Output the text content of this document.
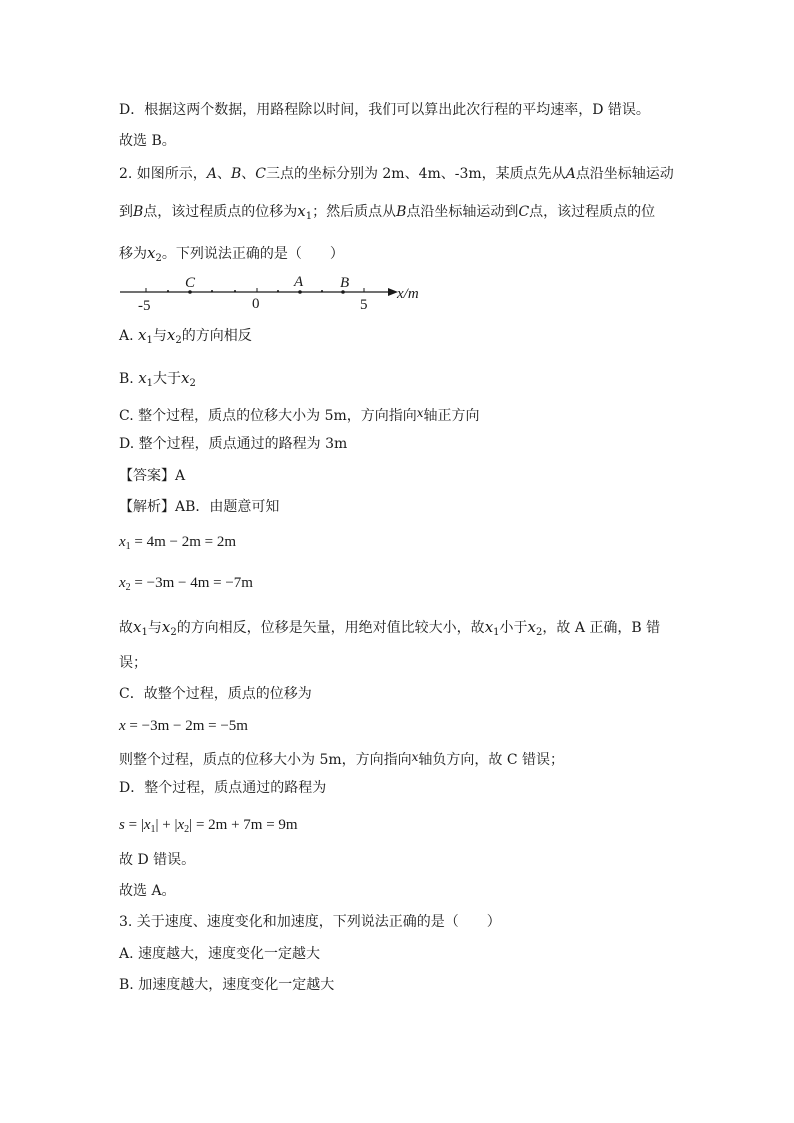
D．根据这两个数据，用路程除以时间，我们可以算出此次行程的平均速率，D 错误。
故选 B。
2. 如图所示，A、B、C三点的坐标分别为 2m、4m、-3m，某质点先从A点沿坐标轴运动
到B点，该过程质点的位移为$x_1$；然后质点从B点沿坐标轴运动到C点，该过程质点的位
移为$x_2$。下列说法正确的是（　　）
C	A B
-5	0	5
x/m
A. $x_1$与$x_2$的方向相反
B. $x_1$大于$x_2$
C. 整个过程，质点的位移大小为 5m，方向指向x轴正方向
D. 整个过程，质点通过的路程为 3m
【答案】A
【解析】AB．由题意可知
$x_1 = 4m - 2m = 2m$
$x_2 = -3m - 4m = -7m$
故$x_1$与$x_2$的方向相反，位移是矢量，用绝对值比较大小，故$x_1$小于$x_2$，故 A 正确，B 错
误；
C．故整个过程，质点的位移为
x = −3m − 2m = −5m
则整个过程，质点的位移大小为 5m，方向指向x轴负方向，故 C 错误；
D．整个过程，质点通过的路程为
$s = |x_1| + |x_2| = 2m + 7m = 9m$
故 D 错误。
故选 A。
3. 关于速度、速度变化和加速度，下列说法正确的是（　　）
A. 速度越大，速度变化一定越大
B. 加速度越大，速度变化一定越大
